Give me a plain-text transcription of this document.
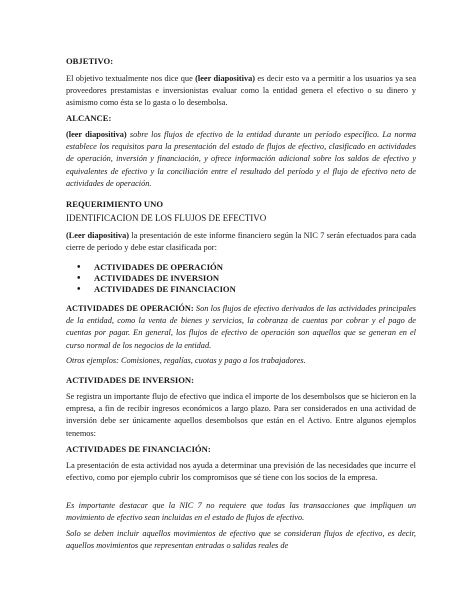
OBJETIVO:
El objetivo textualmente nos dice que (leer diapositiva) es decir esto va a permitir a los usuarios ya sea proveedores prestamistas e inversionistas evaluar como la entidad genera el efectivo o su dinero y asimismo como ésta se lo gasta o lo desembolsa.
ALCANCE:
(leer diapositiva) sobre los flujos de efectivo de la entidad durante un período específico. La norma establece los requisitos para la presentación del estado de flujos de efectivo, clasificado en actividades de operación, inversión y financiación, y ofrece información adicional sobre los saldos de efectivo y equivalentes de efectivo y la conciliación entre el resultado del período y el flujo de efectivo neto de actividades de operación.
REQUERIMIENTO UNO
IDENTIFICACION DE LOS FLUJOS DE EFECTIVO
(Leer diapositiva) la presentación de este informe financiero según la NIC 7 serán efectuados para cada cierre de periodo y debe estar clasificada por:
• ACTIVIDADES DE OPERACIÓN
• ACTIVIDADES DE INVERSION
• ACTIVIDADES DE FINANCIACION
ACTIVIDADES DE OPERACIÓN: Son los flujos de efectivo derivados de las actividades principales de la entidad, como la venta de bienes y servicios, la cobranza de cuentas por cobrar y el pago de cuentas por pagar. En general, los flujos de efectivo de operación son aquellos que se generan en el curso normal de los negocios de la entidad.
Otros ejemplos: Comisiones, regalías, cuotas y pago a los trabajadores.
ACTIVIDADES DE INVERSION:
Se registra un importante flujo de efectivo que indica el importe de los desembolsos que se hicieron en la empresa, a fin de recibir ingresos económicos a largo plazo. Para ser considerados en una actividad de inversión debe ser únicamente aquellos desembolsos que están en el Activo. Entre algunos ejemplos tenemos:
ACTIVIDADES DE FINANCIACIÓN:
La presentación de esta actividad nos ayuda a determinar una previsión de las necesidades que incurre el efectivo, como por ejemplo cubrir los compromisos que sé tiene con los socios de la empresa.
Es importante destacar que la NIC 7 no requiere que todas las transacciones que impliquen un movimiento de efectivo sean incluidas en el estado de flujos de efectivo.
Solo se deben incluir aquellos movimientos de efectivo que se consideran flujos de efectivo, es decir, aquellos movimientos que representan entradas o salidas reales de
